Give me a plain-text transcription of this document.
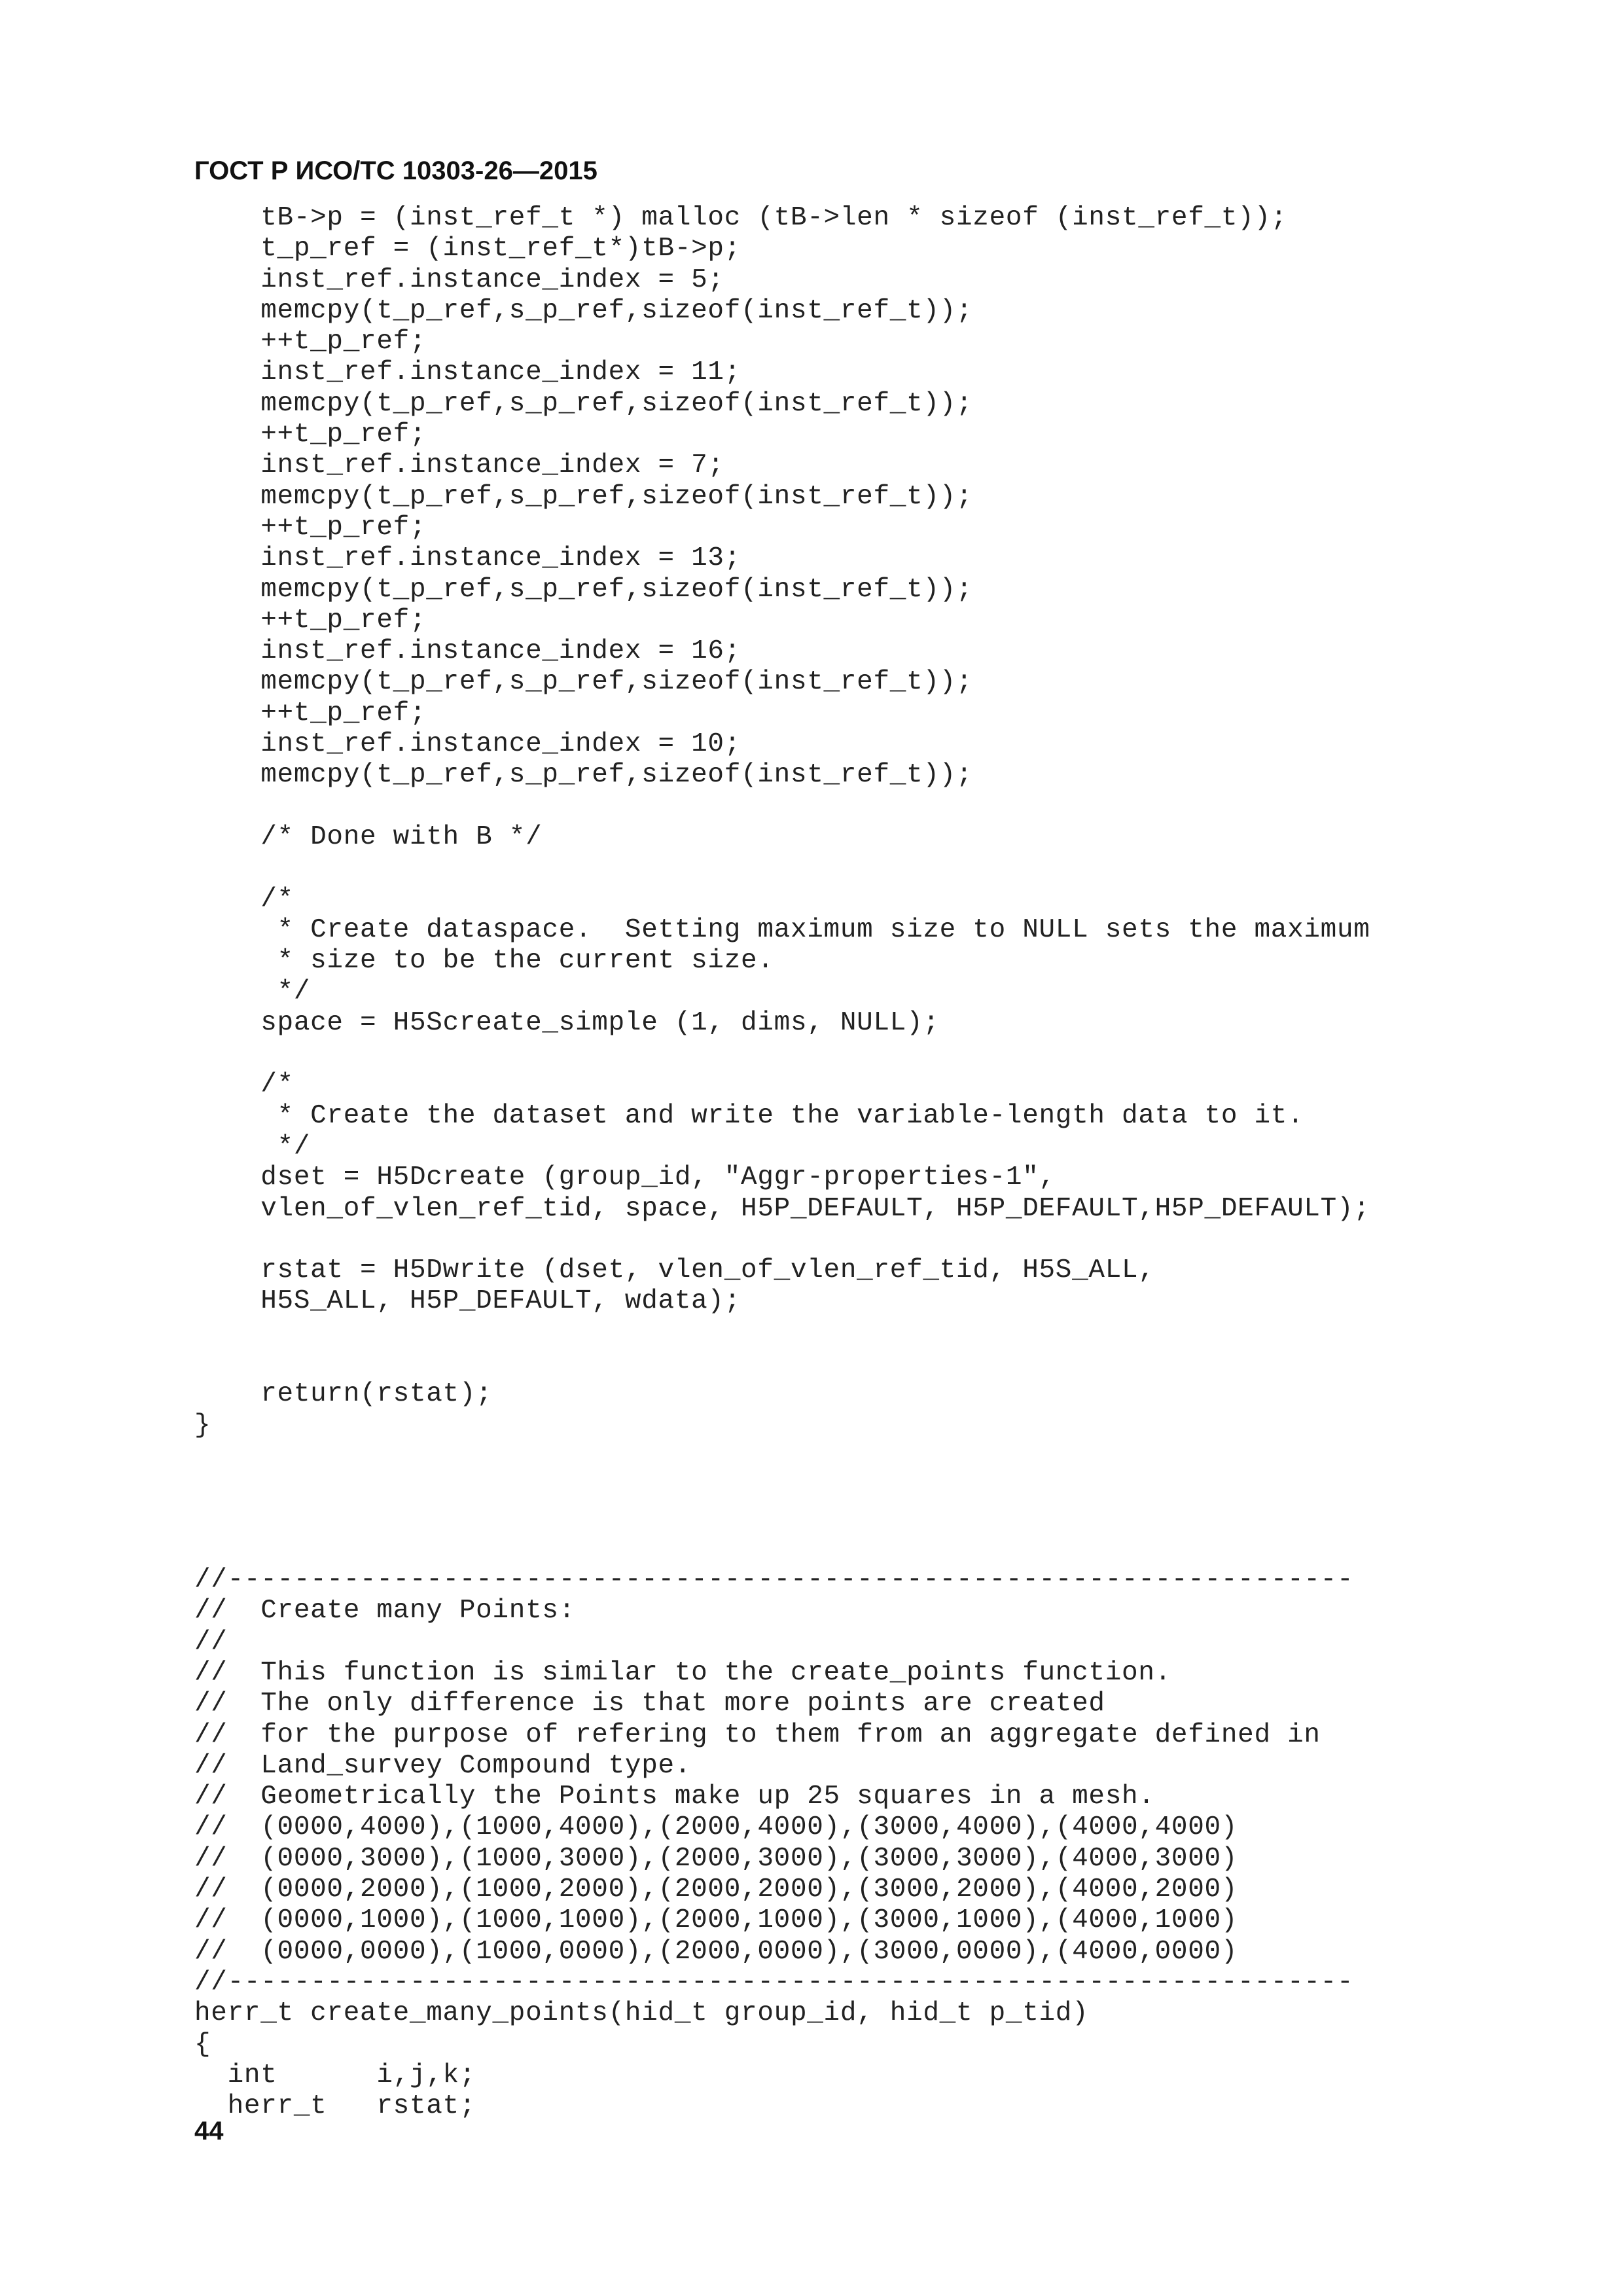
ГОСТ Р ИСО/ТС 10303-26—2015
tB->p = (inst_ref_t *) malloc (tB->len * sizeof (inst_ref_t));
t_p_ref = (inst_ref_t*)tB->p;
inst_ref.instance_index = 5;
memcpy(t_p_ref,s_p_ref,sizeof(inst_ref_t));
++t_p_ref;
inst_ref.instance_index = 11;
memcpy(t_p_ref,s_p_ref,sizeof(inst_ref_t));
++t_p_ref;
inst_ref.instance_index = 7;
memcpy(t_p_ref,s_p_ref,sizeof(inst_ref_t));
++t_p_ref;
inst_ref.instance_index = 13;
memcpy(t_p_ref,s_p_ref,sizeof(inst_ref_t));
++t_p_ref;
inst_ref.instance_index = 16;
memcpy(t_p_ref,s_p_ref,sizeof(inst_ref_t));
++t_p_ref;
inst_ref.instance_index = 10;
memcpy(t_p_ref,s_p_ref,sizeof(inst_ref_t));
/* Done with B */
/*
* Create dataspace.  Setting maximum size to NULL sets the maximum
* size to be the current size.
*/
space = H5Screate_simple (1, dims, NULL);
/*
* Create the dataset and write the variable-length data to it.
*/
dset = H5Dcreate (group_id, "Aggr-properties-1",
vlen_of_vlen_ref_tid, space, H5P_DEFAULT, H5P_DEFAULT,H5P_DEFAULT);
rstat = H5Dwrite (dset, vlen_of_vlen_ref_tid, H5S_ALL,
H5S_ALL, H5P_DEFAULT, wdata);
return(rstat);
}
//--------------------------------------------------------------------
//  Create many Points:
//
//  This function is similar to the create_points function.
//  The only difference is that more points are created
//  for the purpose of refering to them from an aggregate defined in
//  Land_survey Compound type.
//  Geometrically the Points make up 25 squares in a mesh.
//  (0000,4000),(1000,4000),(2000,4000),(3000,4000),(4000,4000)
//  (0000,3000),(1000,3000),(2000,3000),(3000,3000),(4000,3000)
//  (0000,2000),(1000,2000),(2000,2000),(3000,2000),(4000,2000)
//  (0000,1000),(1000,1000),(2000,1000),(3000,1000),(4000,1000)
//  (0000,0000),(1000,0000),(2000,0000),(3000,0000),(4000,0000)
//--------------------------------------------------------------------
herr_t create_many_points(hid_t group_id, hid_t p_tid)
{
int      i,j,k;
herr_t   rstat;
44
